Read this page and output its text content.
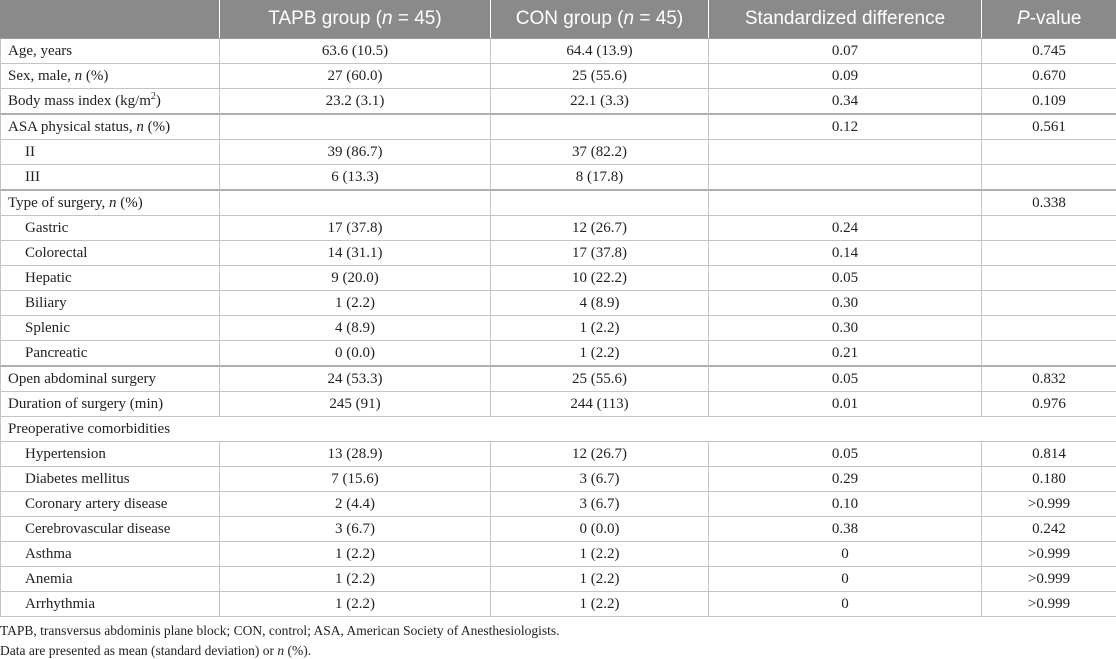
	TAPB group (n = 45)	CON group (n = 45)	Standardized difference	P-value
Age, years	63.6 (10.5)	64.4 (13.9)	0.07	0.745
Sex, male, n (%)	27 (60.0)	25 (55.6)	0.09	0.670
Body mass index $(kg/m^2)$	23.2 (3.1)	22.1 (3.3)	0.34	0.109
ASA physical status, n (%)			0.12	0.561
II	39 (86.7)	37 (82.2)		
III	6 (13.3)	8 (17.8)		
Type of surgery, n (%)				0.338
Gastric	17 (37.8)	12 (26.7)	0.24	
Colorectal	14 (31.1)	17 (37.8)	0.14	
Hepatic	9 (20.0)	10 (22.2)	0.05	
Biliary	1 (2.2)	4 (8.9)	0.30	
Splenic	4 (8.9)	1 (2.2)	0.30	
Pancreatic	0 (0.0)	1 (2.2)	0.21	
Open abdominal surgery	24 (53.3)	25 (55.6)	0.05	0.832
Duration of surgery (min)	245 (91)	244 (113)	0.01	0.976
Preoperative comorbidities				
Hypertension	13 (28.9)	12 (26.7)	0.05	0.814
Diabetes mellitus	7 (15.6)	3 (6.7)	0.29	0.180
Coronary artery disease	2 (4.4)	3 (6.7)	0.10	>0.999
Cerebrovascular disease	3 (6.7)	0 (0.0)	0.38	0.242
Asthma	1 (2.2)	1 (2.2)	0	>0.999
Anemia	1 (2.2)	1 (2.2)	0	>0.999
Arrhythmia	1 (2.2)	1 (2.2)	0	>0.999
TAPB, transversus abdominis plane block; CON, control; ASA, American Society of Anesthesiologists.
Data are presented as mean (standard deviation) or n (%).
